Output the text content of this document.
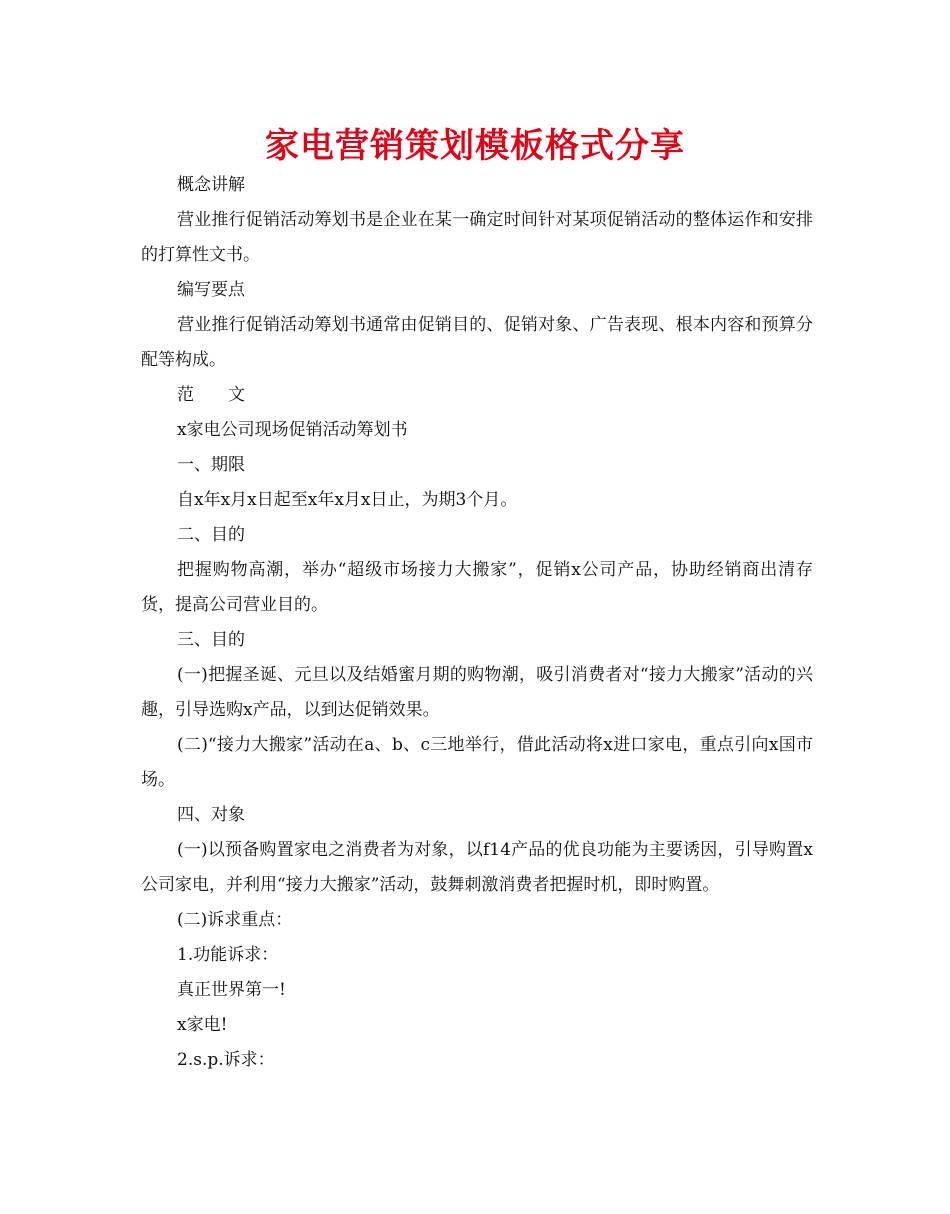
家电营销策划模板格式分享

概念讲解

营业推行促销活动筹划书是企业在某一确定时间针对某项促销活动的整体运作和安排的打算性文书。

编写要点

营业推行促销活动筹划书通常由促销目的、促销对象、广告表现、根本内容和预算分配等构成。

范　　文

x家电公司现场促销活动筹划书

一、期限

自x年x月x日起至x年x月x日止，为期3个月。

二、目的

把握购物高潮，举办“超级市场接力大搬家”，促销x公司产品，协助经销商出清存货，提高公司营业目的。

三、目的

(一)把握圣诞、元旦以及结婚蜜月期的购物潮，吸引消费者对“接力大搬家”活动的兴趣，引导选购x产品，以到达促销效果。

(二)“接力大搬家”活动在a、b、c三地举行，借此活动将x进口家电，重点引向x国市场。

四、对象

(一)以预备购置家电之消费者为对象，以f14产品的优良功能为主要诱因，引导购置x公司家电，并利用“接力大搬家”活动，鼓舞刺激消费者把握时机，即时购置。

(二)诉求重点：

1.功能诉求：

真正世界第一!

x家电!

2.s.p.诉求：
